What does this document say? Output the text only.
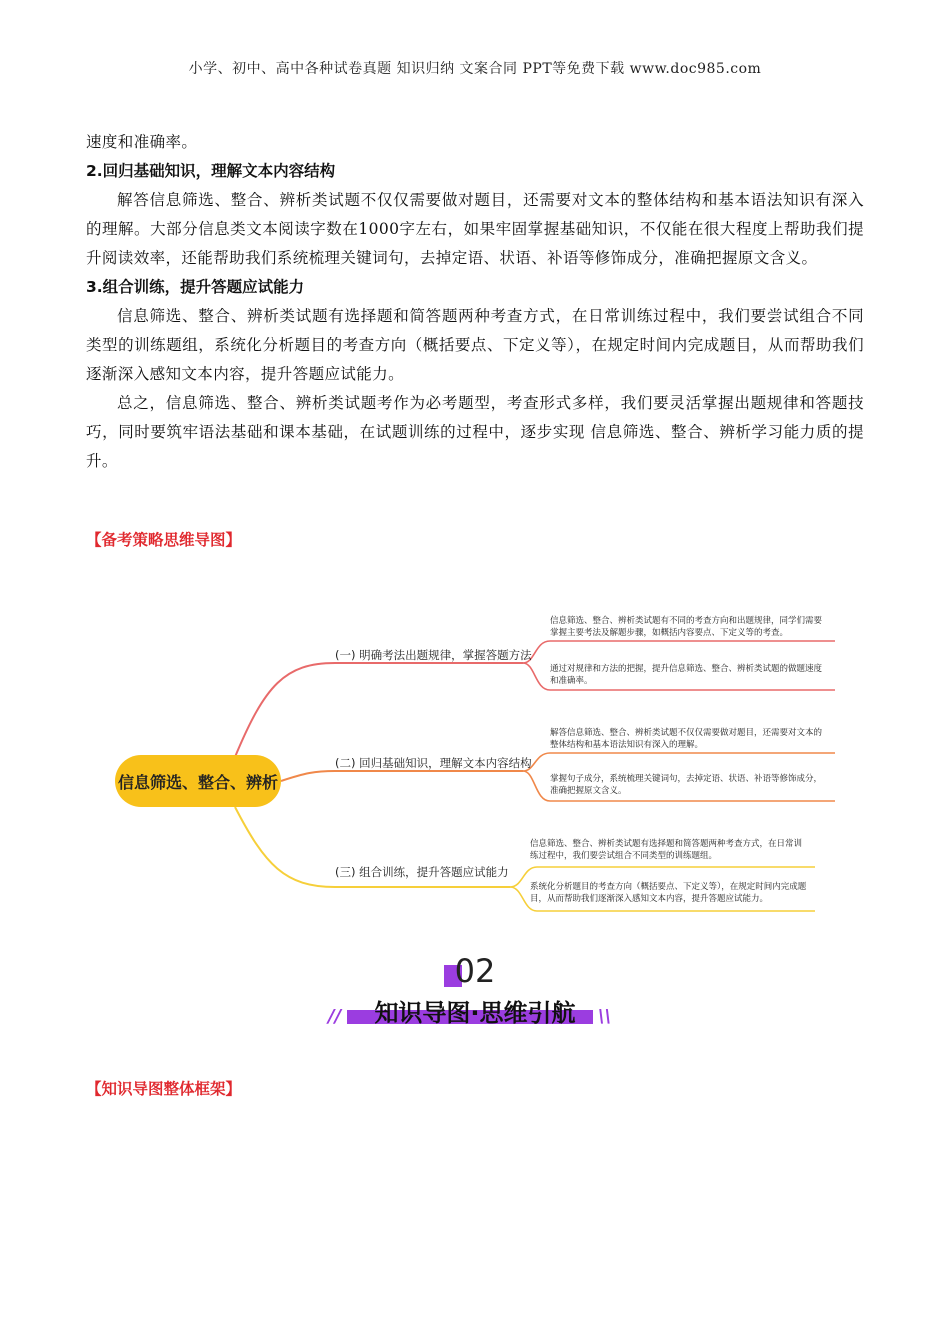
小学、初中、高中各种试卷真题 知识归纳 文案合同 PPT等免费下载 www.doc985.com

速度和准确率。

2.回归基础知识，理解文本内容结构

解答信息筛选、整合、辨析类试题不仅仅需要做对题目，还需要对文本的整体结构和基本语法知识有深入的理解。大部分信息类文本阅读字数在1000字左右，如果牢固掌握基础知识，不仅能在很大程度上帮助我们提升阅读效率，还能帮助我们系统梳理关键词句，去掉定语、状语、补语等修饰成分，准确把握原文含义。

3.组合训练，提升答题应试能力

信息筛选、整合、辨析类试题有选择题和简答题两种考查方式，在日常训练过程中，我们要尝试组合不同类型的训练题组，系统化分析题目的考查方向（概括要点、下定义等），在规定时间内完成题目，从而帮助我们逐渐深入感知文本内容，提升答题应试能力。

总之，信息筛选、整合、辨析类试题考作为必考题型，考查形式多样，我们要灵活掌握出题规律和答题技巧，同时要筑牢语法基础和课本基础，在试题训练的过程中，逐步实现 信息筛选、整合、辨析学习能力质的提升。

【备考策略思维导图】
信息筛选、整合、辨析
(一) 明确考法出题规律，掌握答题方法
(二) 回归基础知识，理解文本内容结构
(三) 组合训练，提升答题应试能力
信息筛选、整合、辨析类试题有不同的考查方向和出题规律，同学们需要掌握主要考法及解题步骤，如概括内容要点、下定义等的考查。
通过对规律和方法的把握，提升信息筛选、整合、辨析类试题的做题速度和准确率。
解答信息筛选、整合、辨析类试题不仅仅需要做对题目，还需要对文本的整体结构和基本语法知识有深入的理解。
掌握句子成分，系统梳理关键词句，去掉定语、状语、补语等修饰成分，准确把握原文含义。
信息筛选、整合、辨析类试题有选择题和简答题两种考查方式，在日常训练过程中，我们要尝试组合不同类型的训练题组。
系统化分析题目的考查方向（概括要点、下定义等），在规定时间内完成题目，从而帮助我们逐渐深入感知文本内容，提升答题应试能力。
02
//	\\
知识导图·思维引航
【知识导图整体框架】
